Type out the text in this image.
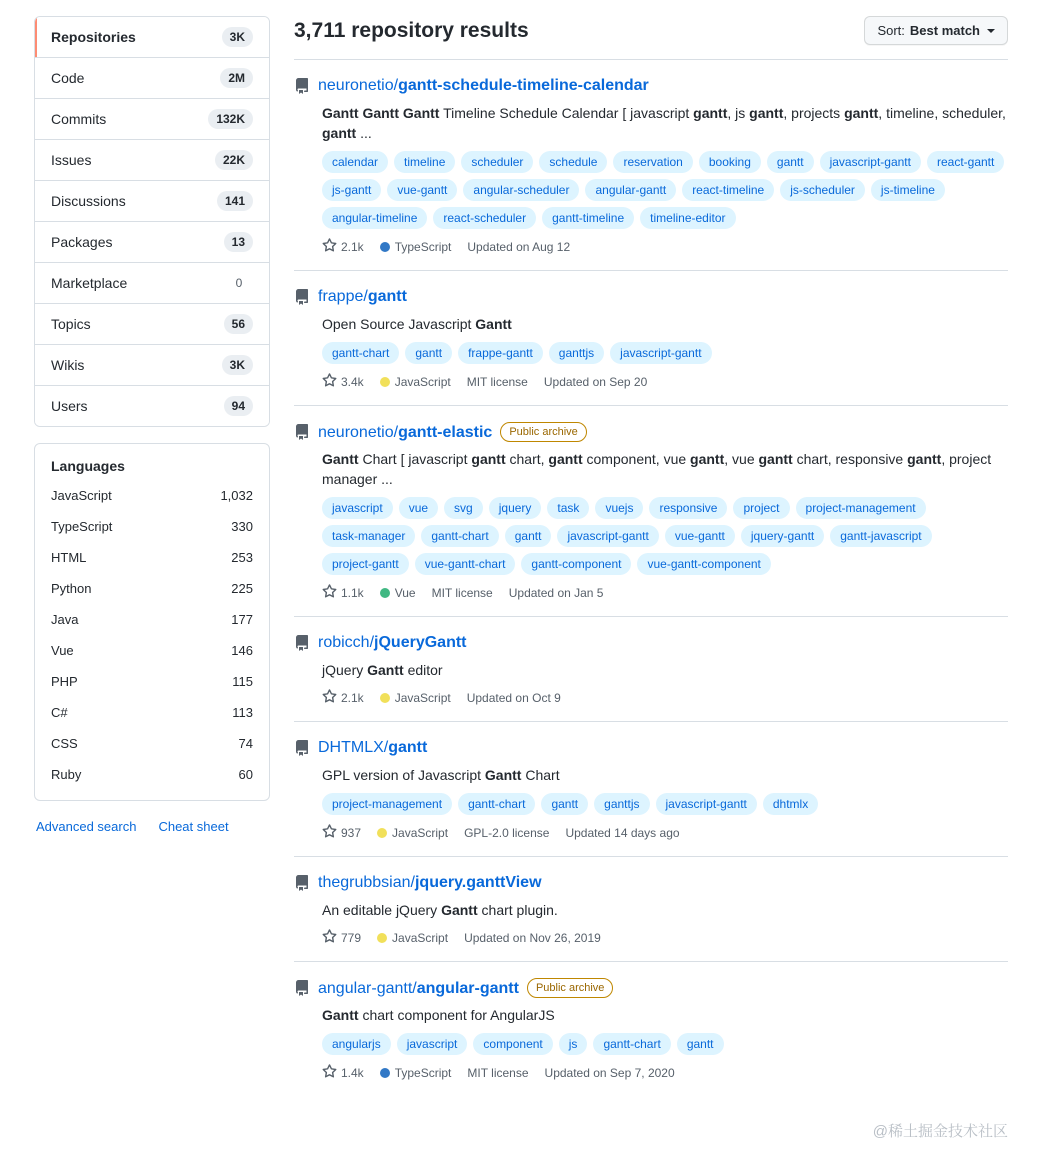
Repositories	3K
Code	2M
Commits	132K
Issues	22K
Discussions	141
Packages	13
Marketplace	0
Topics	56
Wikis	3K
Users	94
Languages
JavaScript	1,032
TypeScript	330
HTML	253
Python	225
Java	177
Vue	146
PHP	115
C#	113
CSS	74
Ruby	60
Advanced search Cheat sheet
3,711 repository results	Sort: Best match
neuronetio/gantt-schedule-timeline-calendar

Gantt Gantt Gantt Timeline Schedule Calendar [ javascript gantt, js gantt, projects gantt, timeline, scheduler, gantt ...

calendar	timeline	scheduler	schedule	reservation	booking	gantt	javascript-gantt	react-gantt
js-gantt	vue-gantt	angular-scheduler	angular-gantt	react-timeline	js-scheduler	js-timeline
angular-timeline	react-scheduler	gantt-timeline	timeline-editor
2.1k	TypeScript Updated on Aug 12
frappe/gantt

Open Source Javascript Gantt

gantt-chart	gantt	frappe-gantt	ganttjs	javascript-gantt
3.4k	JavaScript MIT license Updated on Sep 20
neuronetio/gantt-elastic Public archive

Gantt Chart [ javascript gantt chart, gantt component, vue gantt, vue gantt chart, responsive gantt, project manager ...

javascript	vue	svg	jquery	task	vuejs	responsive	project	project-management
task-manager	gantt-chart	gantt	javascript-gantt	vue-gantt	jquery-gantt	gantt-javascript
project-gantt	vue-gantt-chart	gantt-component	vue-gantt-component
1.1k	Vue MIT license Updated on Jan 5
robicch/jQueryGantt

jQuery Gantt editor

2.1k	JavaScript Updated on Oct 9
DHTMLX/gantt

GPL version of Javascript Gantt Chart

project-management	gantt-chart	gantt	ganttjs	javascript-gantt	dhtmlx
937	JavaScript GPL-2.0 license Updated 14 days ago
thegrubbsian/jquery.ganttView

An editable jQuery Gantt chart plugin.

779	JavaScript Updated on Nov 26, 2019
angular-gantt/angular-gantt Public archive

Gantt chart component for AngularJS

angularjs	javascript	component	js	gantt-chart	gantt
1.4k	TypeScript MIT license Updated on Sep 7, 2020
@稀土掘金技术社区
